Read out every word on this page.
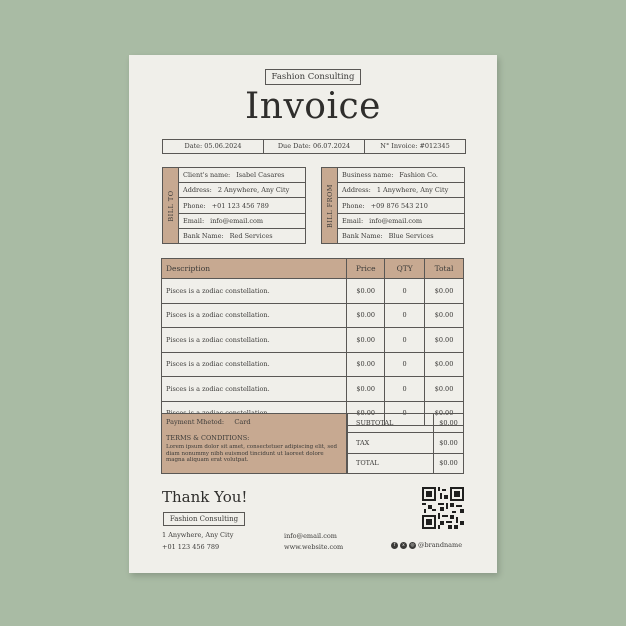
Fashion Consulting
Invoice
Date: 05.06.2024	Due Date: 06.07.2024	N° Invoice: #012345
BILL TO
Client's name: Isabel Casares
Address: 2 Anywhere, Any City
Phone: +01 123 456 789
Email: info@email.com
Bank Name: Red Services
BILL FROM
Business name: Fashion Co.
Address: 1 Anywhere, Any City
Phone: +09 876 543 210
Email: info@email.com
Bank Name: Blue Services
Description	Price	QTY	Total
Pisces is a zodiac constellation.	$0.00	0	$0.00
Pisces is a zodiac constellation.	$0.00	0	$0.00
Pisces is a zodiac constellation.	$0.00	0	$0.00
Pisces is a zodiac constellation.	$0.00	0	$0.00
Pisces is a zodiac constellation.	$0.00	0	$0.00
	$0.00	0	$0.00
Payment Mhetod: Card
TERMS & CONDITIONS:
Lorem ipsum dolor sit amet, consectetuer adipiscing elit, sed diam nonummy nibh euismod tincidunt ut laoreet dolore magna aliquam erat volutpat.
SUBTOTAL	$0.00
TAX	$0.00
TOTAL	$0.00
Thank You!
Fashion Consulting
1 Anywhere, Any City
+01 123 456 789
info@email.com
www.website.com	f	x	◎ @brandname
